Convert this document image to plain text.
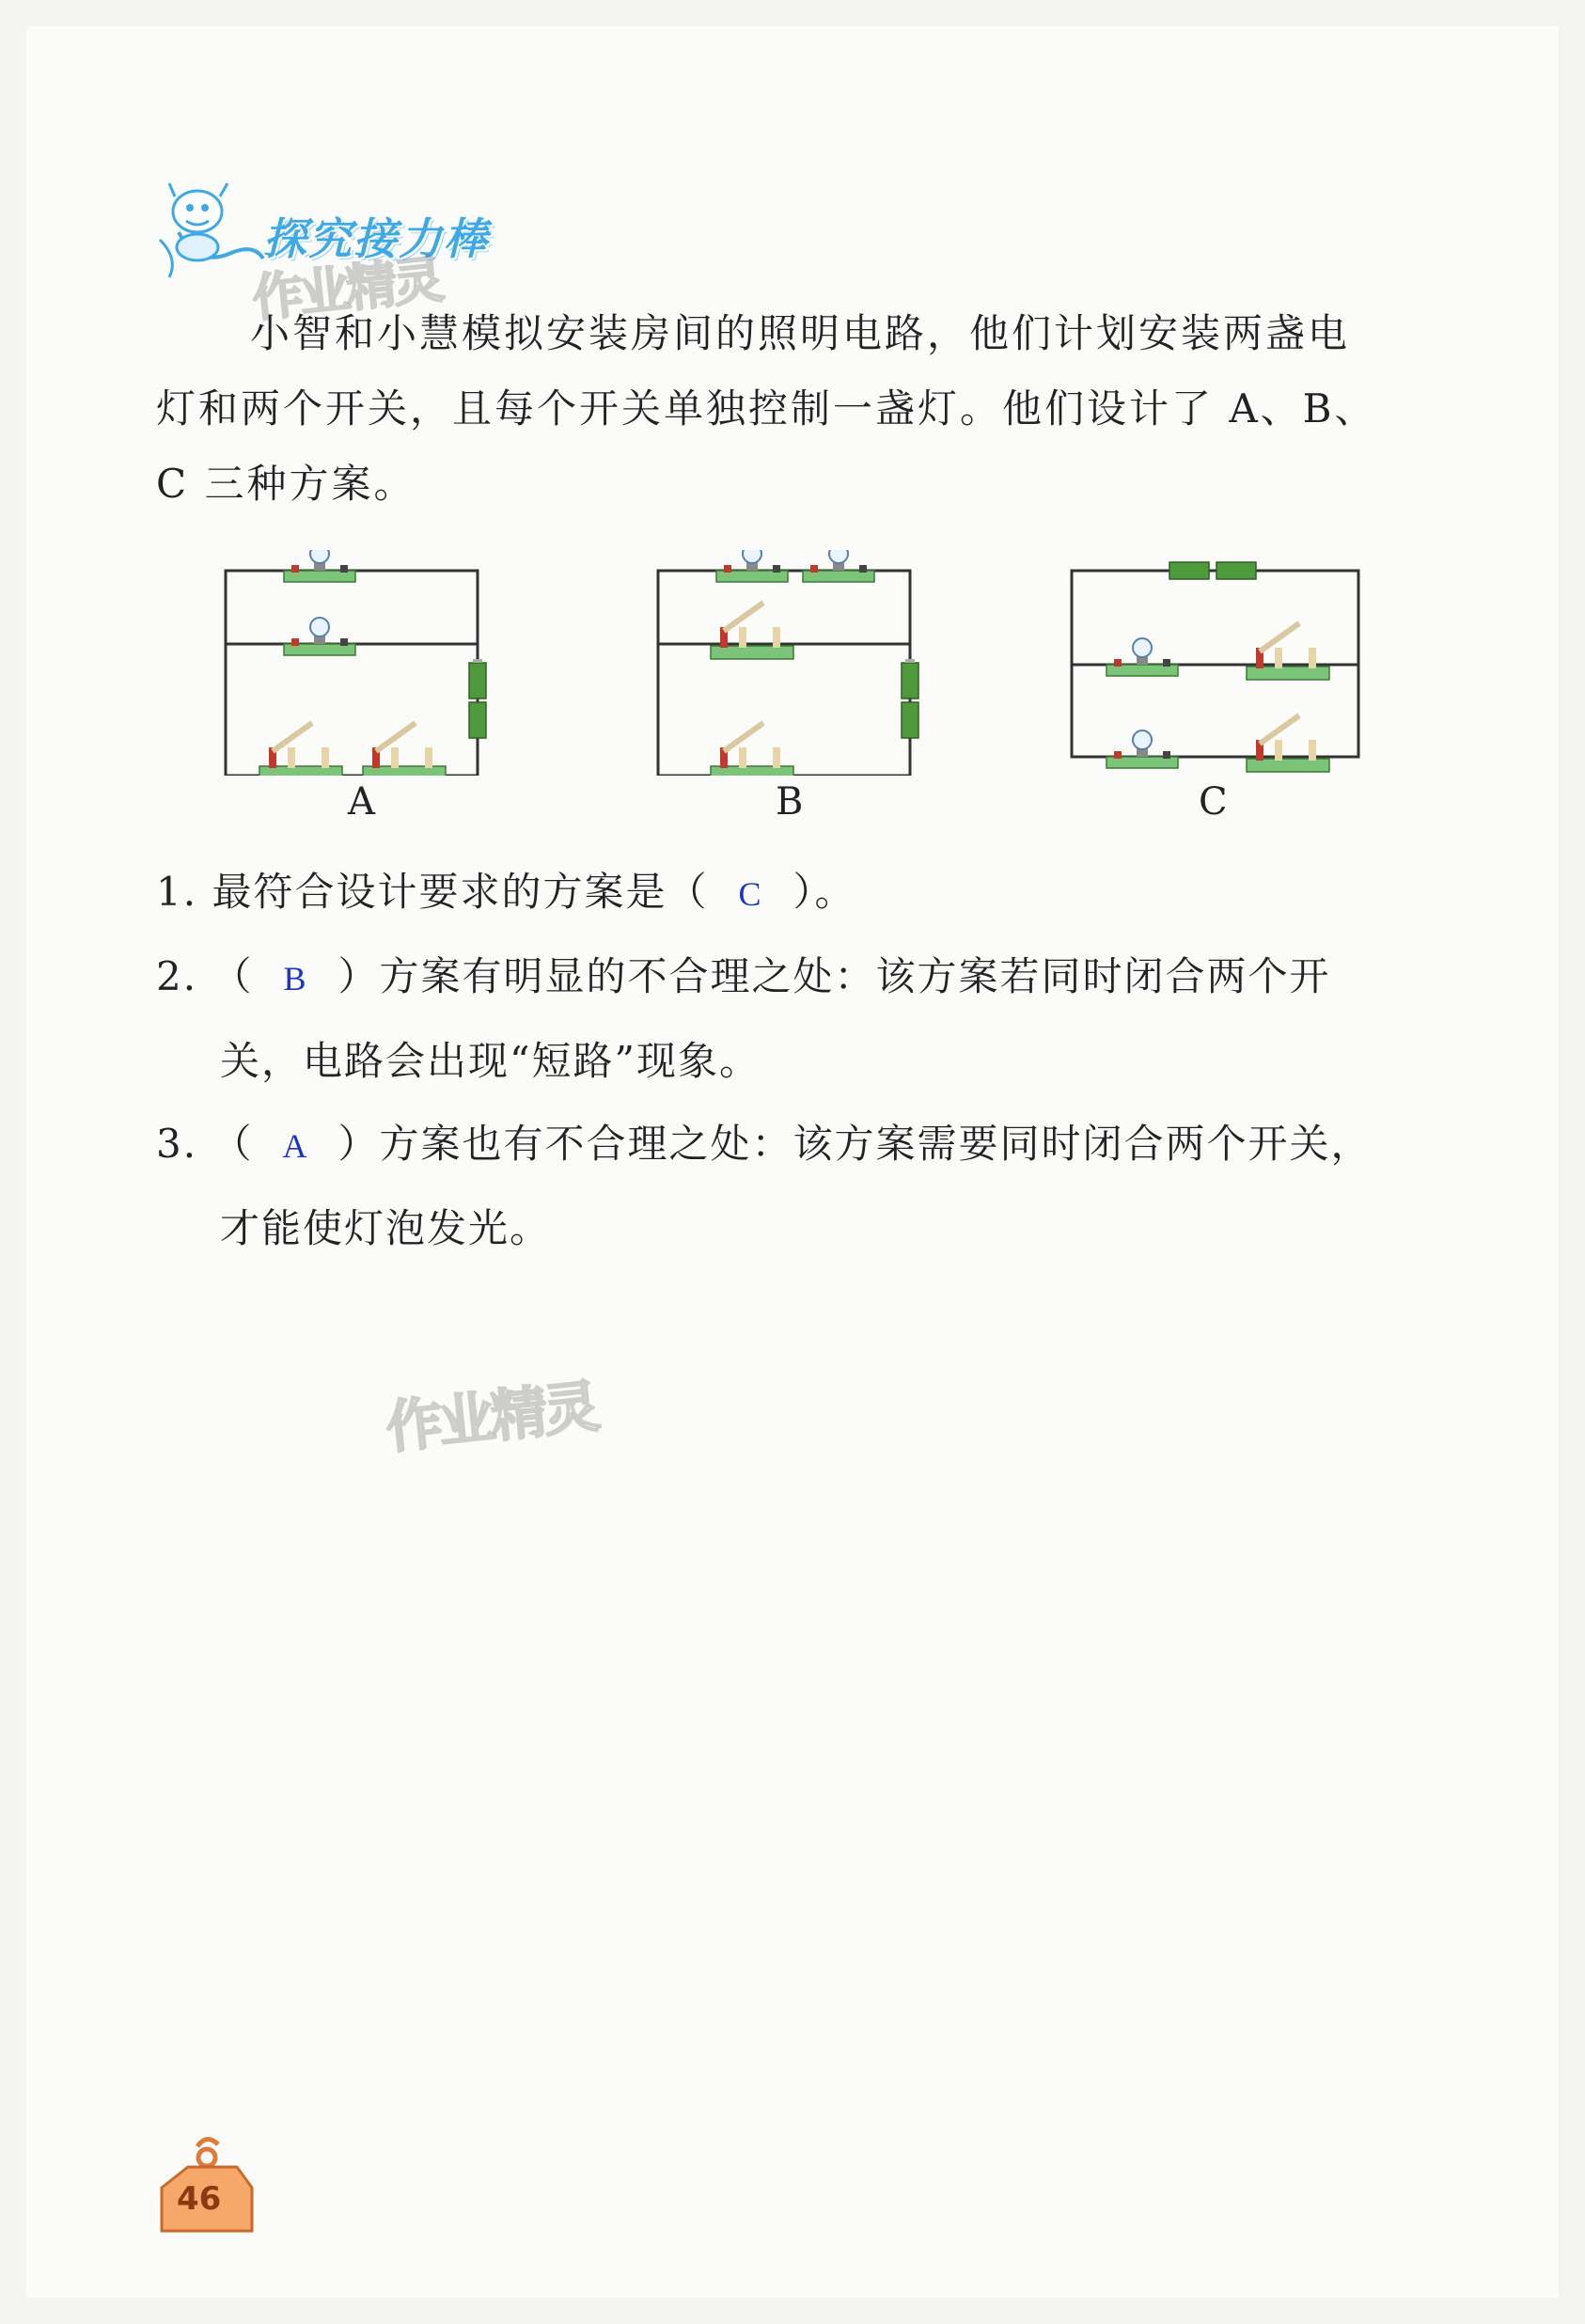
探究接力棒
作业精灵
小智和小慧模拟安装房间的照明电路，他们计划安装两盏电
灯和两个开关，且每个开关单独控制一盏灯。他们设计了 A、B、
C 三种方案。
A	B	C
1. 最符合设计要求的方案是（ C ）。
2. （ B ）方案有明显的不合理之处：该方案若同时闭合两个开
关，电路会出现“短路”现象。
3. （ A ）方案也有不合理之处：该方案需要同时闭合两个开关，
才能使灯泡发光。
作业精灵
46
